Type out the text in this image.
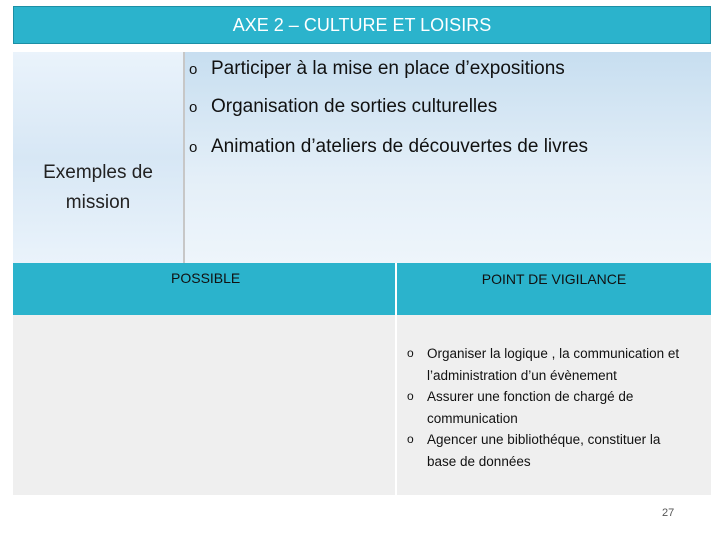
AXE 2 – CULTURE ET LOISIRS
Exemples de
mission
o Participer à la mise en place d’expositions
o Organisation de sorties culturelles
o Animation d’ateliers de découvertes de livres
POSSIBLE	POINT DE VIGILANCE
o Organiser la logique , la communication et l’administration d’un évènement
o Assurer une fonction de chargé de communication
o Agencer une bibliothéque, constituer la base de données
27
